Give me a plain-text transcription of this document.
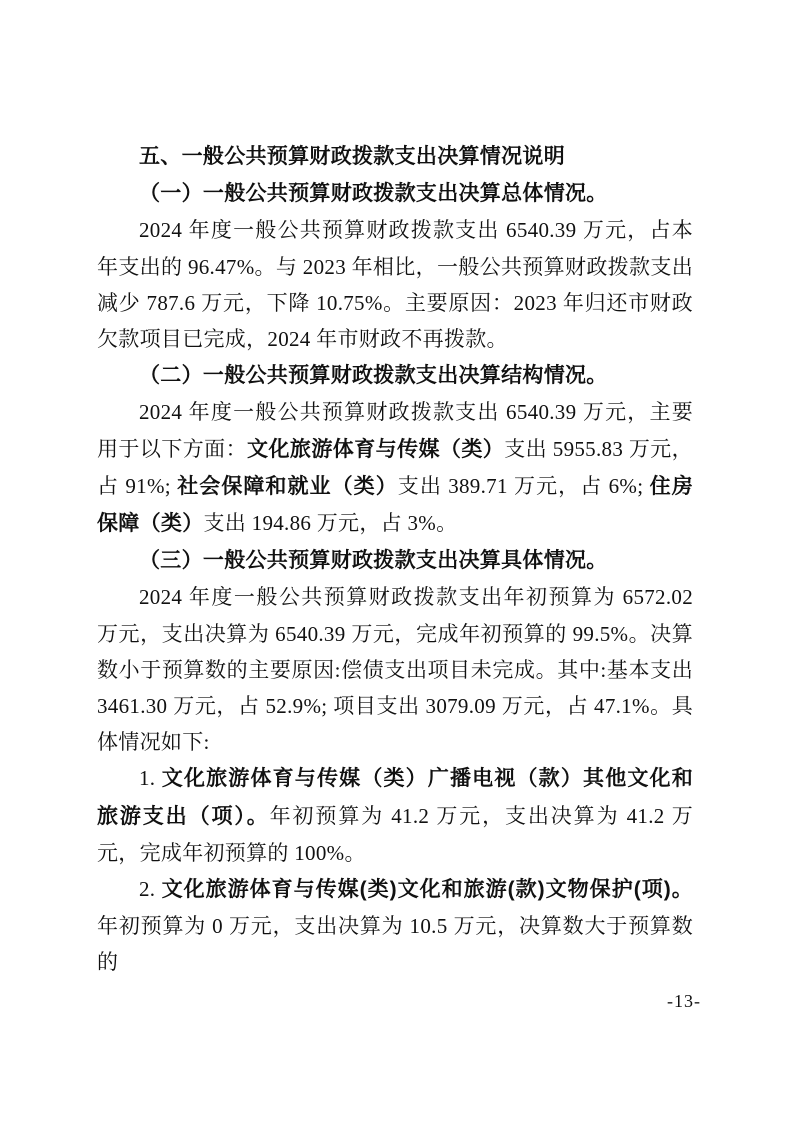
五、一般公共预算财政拨款支出决算情况说明

（一）一般公共预算财政拨款支出决算总体情况。

2024 年度一般公共预算财政拨款支出 6540.39 万元，占本年支出的 96.47%。与 2023 年相比，一般公共预算财政拨款支出减少 787.6 万元，下降 10.75%。主要原因：2023 年归还市财政欠款项目已完成，2024 年市财政不再拨款。

（二）一般公共预算财政拨款支出决算结构情况。

2024 年度一般公共预算财政拨款支出 6540.39 万元，主要用于以下方面：文化旅游体育与传媒（类）支出 5955.83 万元，占 91%; 社会保障和就业（类）支出 389.71 万元，占 6%; 住房保障（类）支出 194.86 万元，占 3%。

（三）一般公共预算财政拨款支出决算具体情况。

2024 年度一般公共预算财政拨款支出年初预算为 6572.02 万元，支出决算为 6540.39 万元，完成年初预算的 99.5%。决算数小于预算数的主要原因:偿债支出项目未完成。其中:基本支出 3461.30 万元，占 52.9%; 项目支出 3079.09 万元，占 47.1%。具体情况如下:

1. 文化旅游体育与传媒（类）广播电视（款）其他文化和旅游支出（项）。年初预算为 41.2 万元，支出决算为 41.2 万元，完成年初预算的 100%。

2. 文化旅游体育与传媒(类)文化和旅游(款)文物保护(项)。年初预算为 0 万元，支出决算为 10.5 万元，决算数大于预算数的

-13-
